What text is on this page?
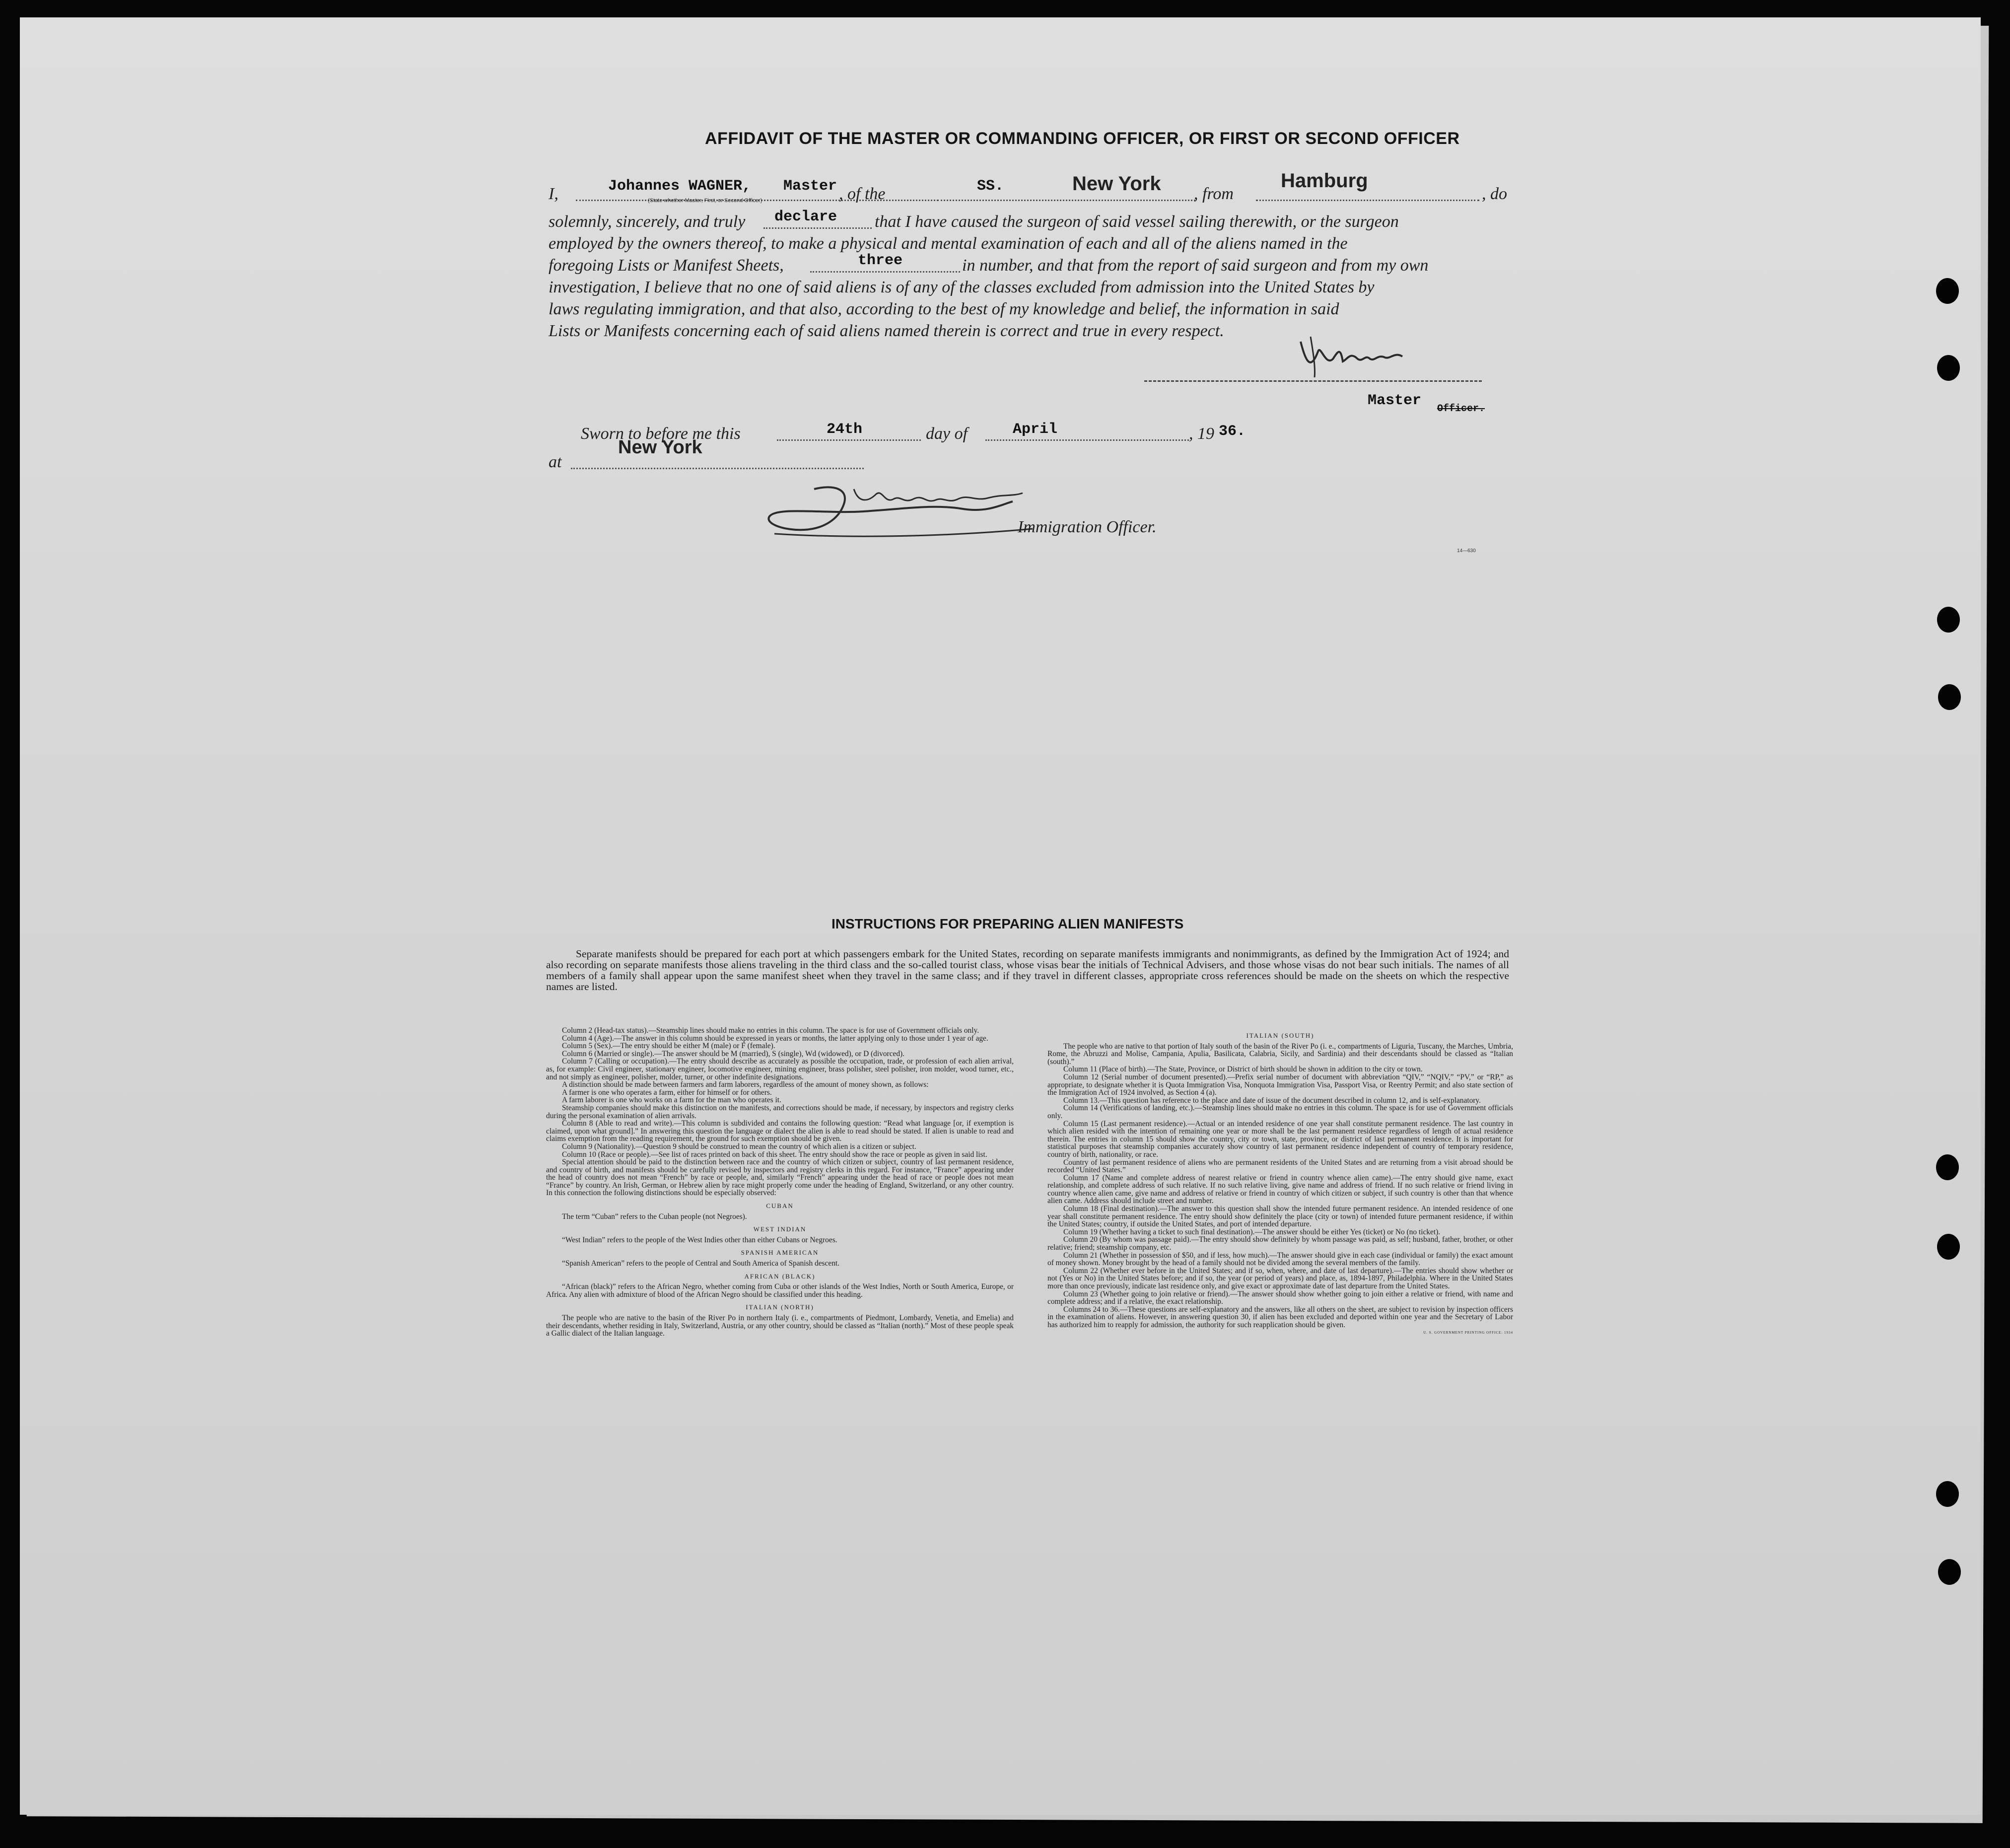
AFFIDAVIT OF THE MASTER OR COMMANDING OFFICER, OR FIRST OR SECOND OFFICER
I,	Johannes WAGNER, Master
(State whether Master, First, or Second Officer)	, of the	SS.	New York , from
Hamburg
, do
solemnly, sincerely, and truly declare that I have caused the surgeon of said vessel sailing therewith, or the surgeon
employed by the owners thereof, to make a physical and mental examination of each and all of the aliens named in the
foregoing Lists or Manifest Sheets,	three	in number, and that from the report of said surgeon and from my own
investigation, I believe that no one of said aliens is of any of the classes excluded from admission into the United States by
laws regulating immigration, and that also, according to the best of my knowledge and belief, the information in said
Lists or Manifests concerning each of said aliens named therein is correct and true in every respect.
Master Officer.
Sworn to before me this	24th	day of	April	, 19 36.
at
New York
Immigration Officer.
14—630
INSTRUCTIONS FOR PREPARING ALIEN MANIFESTS
Separate manifests should be prepared for each port at which passengers embark for the United States, recording on separate manifests immigrants and nonimmigrants, as defined by the Immigration Act of 1924; and also recording on separate manifests those aliens traveling in the third class and the so-called tourist class, whose visas bear the initials of Technical Advisers, and those whose visas do not bear such initials. The names of all members of a family shall appear upon the same manifest sheet when they travel in the same class; and if they travel in different classes, appropriate cross references should be made on the sheets on which the respective names are listed.

Column 2 (Head-tax status).—Steamship lines should make no entries in this column. The space is for use of Government officials only.

Column 4 (Age).—The answer in this column should be expressed in years or months, the latter applying only to those under 1 year of age.

Column 5 (Sex).—The entry should be either M (male) or F (female).

Column 6 (Married or single).—The answer should be M (married), S (single), Wd (widowed), or D (divorced).

Column 7 (Calling or occupation).—The entry should describe as accurately as possible the occupation, trade, or profession of each alien arrival, as, for example: Civil engineer, stationary engineer, locomotive engineer, mining engineer, brass polisher, steel polisher, iron molder, wood turner, etc., and not simply as engineer, polisher, molder, turner, or other indefinite designations.

A distinction should be made between farmers and farm laborers, regardless of the amount of money shown, as follows:

A farmer is one who operates a farm, either for himself or for others.

A farm laborer is one who works on a farm for the man who operates it.

Steamship companies should make this distinction on the manifests, and corrections should be made, if necessary, by inspectors and registry clerks during the personal examination of alien arrivals.

Column 8 (Able to read and write).—This column is subdivided and contains the following question: “Read what language [or, if exemption is claimed, upon what ground].” In answering this question the language or dialect the alien is able to read should be stated. If alien is unable to read and claims exemption from the reading requirement, the ground for such exemption should be given.

Column 9 (Nationality).—Question 9 should be construed to mean the country of which alien is a citizen or subject.

Column 10 (Race or people).—See list of races printed on back of this sheet. The entry should show the race or people as given in said list.

Special attention should be paid to the distinction between race and the country of which citizen or subject, country of last permanent residence, and country of birth, and manifests should be carefully revised by inspectors and registry clerks in this regard. For instance, “France” appearing under the head of country does not mean “French” by race or people, and, similarly “French” appearing under the head of race or people does not mean “France” by country. An Irish, German, or Hebrew alien by race might properly come under the heading of England, Switzerland, or any other country. In this connection the following distinctions should be especially observed:

CUBAN

The term “Cuban” refers to the Cuban people (not Negroes).

WEST INDIAN

“West Indian” refers to the people of the West Indies other than either Cubans or Negroes.

SPANISH AMERICAN

“Spanish American” refers to the people of Central and South America of Spanish descent.

AFRICAN (BLACK)

“African (black)” refers to the African Negro, whether coming from Cuba or other islands of the West Indies, North or South America, Europe, or Africa. Any alien with admixture of blood of the African Negro should be classified under this heading.

ITALIAN (NORTH)

The people who are native to the basin of the River Po in northern Italy (i. e., compartments of Piedmont, Lombardy, Venetia, and Emelia) and their descendants, whether residing in Italy, Switzerland, Austria, or any other country, should be classed as “Italian (north).” Most of these people speak a Gallic dialect of the Italian language.

ITALIAN (SOUTH)

The people who are native to that portion of Italy south of the basin of the River Po (i. e., compartments of Liguria, Tuscany, the Marches, Umbria, Rome, the Abruzzi and Molise, Campania, Apulia, Basilicata, Calabria, Sicily, and Sardinia) and their descendants should be classed as “Italian (south).”

Column 11 (Place of birth).—The State, Province, or District of birth should be shown in addition to the city or town.

Column 12 (Serial number of document presented).—Prefix serial number of document with abbreviation “QIV,” “NQIV,” “PV,” or “RP,” as appropriate, to designate whether it is Quota Immigration Visa, Nonquota Immigration Visa, Passport Visa, or Reentry Permit; and also state section of the Immigration Act of 1924 involved, as Section 4 (a).

Column 13.—This question has reference to the place and date of issue of the document described in column 12, and is self-explanatory.

Column 14 (Verifications of landing, etc.).—Steamship lines should make no entries in this column. The space is for use of Government officials only.

Column 15 (Last permanent residence).—Actual or an intended residence of one year shall constitute permanent residence. The last country in which alien resided with the intention of remaining one year or more shall be the last permanent residence regardless of length of actual residence therein. The entries in column 15 should show the country, city or town, state, province, or district of last permanent residence. It is important for statistical purposes that steamship companies accurately show country of last permanent residence independent of country of temporary residence, country of birth, nationality, or race.

Country of last permanent residence of aliens who are permanent residents of the United States and are returning from a visit abroad should be recorded “United States.”

Column 17 (Name and complete address of nearest relative or friend in country whence alien came).—The entry should give name, exact relationship, and complete address of such relative. If no such relative living, give name and address of friend. If no such relative or friend living in country whence alien came, give name and address of relative or friend in country of which citizen or subject, if such country is other than that whence alien came. Address should include street and number.

Column 18 (Final destination).—The answer to this question shall show the intended future permanent residence. An intended residence of one year shall constitute permanent residence. The entry should show definitely the place (city or town) of intended future permanent residence, if within the United States; country, if outside the United States, and port of intended departure.

Column 19 (Whether having a ticket to such final destination).—The answer should be either Yes (ticket) or No (no ticket).

Column 20 (By whom was passage paid).—The entry should show definitely by whom passage was paid, as self; husband, father, brother, or other relative; friend; steamship company, etc.

Column 21 (Whether in possession of $50, and if less, how much).—The answer should give in each case (individual or family) the exact amount of money shown. Money brought by the head of a family should not be divided among the several members of the family.

Column 22 (Whether ever before in the United States; and if so, when, where, and date of last departure).—The entries should show whether or not (Yes or No) in the United States before; and if so, the year (or period of years) and place, as, 1894-1897, Philadelphia. Where in the United States more than once previously, indicate last residence only, and give exact or approximate date of last departure from the United States.

Column 23 (Whether going to join relative or friend).—The answer should show whether going to join either a relative or friend, with name and complete address; and if a relative, the exact relationship.

Columns 24 to 36.—These questions are self-explanatory and the answers, like all others on the sheet, are subject to revision by inspection officers in the examination of aliens. However, in answering question 30, if alien has been excluded and deported within one year and the Secretary of Labor has authorized him to reapply for admission, the authority for such reapplication should be given.

U. S. GOVERNMENT PRINTING OFFICE: 1934
